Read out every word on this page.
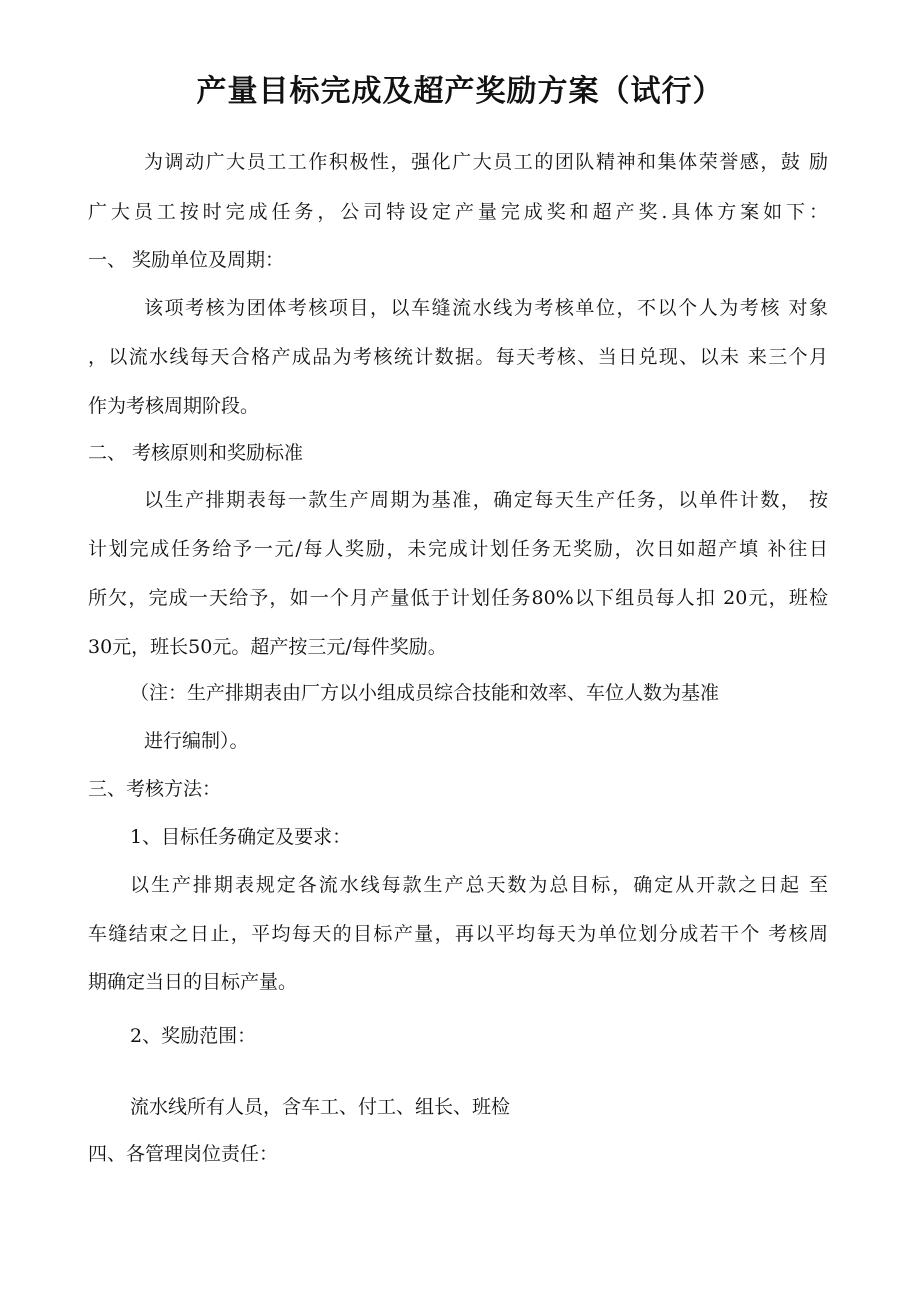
产量目标完成及超产奖励方案（试行）
为调动广大员工工作积极性，强化广大员工的团队精神和集体荣誉感，鼓 励
广大员工按时完成任务，公司特设定产量完成奖和超产奖.具体方案如下：
一、 奖励单位及周期：
该项考核为团体考核项目，以车缝流水线为考核单位，不以个人为考核 对象
，以流水线每天合格产成品为考核统计数据。每天考核、当日兑现、以未 来三个月
作为考核周期阶段。
二、 考核原则和奖励标准
以生产排期表每一款生产周期为基准，确定每天生产任务，以单件计数， 按
计划完成任务给予一元/每人奖励，未完成计划任务无奖励，次日如超产填 补往日
所欠，完成一天给予，如一个月产量低于计划任务80%以下组员每人扣 20元，班检
30元，班长50元。超产按三元/每件奖励。
（注：生产排期表由厂方以小组成员综合技能和效率、车位人数为基准
进行编制）。
三、考核方法：
1、目标任务确定及要求：
以生产排期表规定各流水线每款生产总天数为总目标，确定从开款之日起 至
车缝结束之日止，平均每天的目标产量，再以平均每天为单位划分成若干个 考核周
期确定当日的目标产量。
2、奖励范围：
流水线所有人员，含车工、付工、组长、班检
四、各管理岗位责任：
